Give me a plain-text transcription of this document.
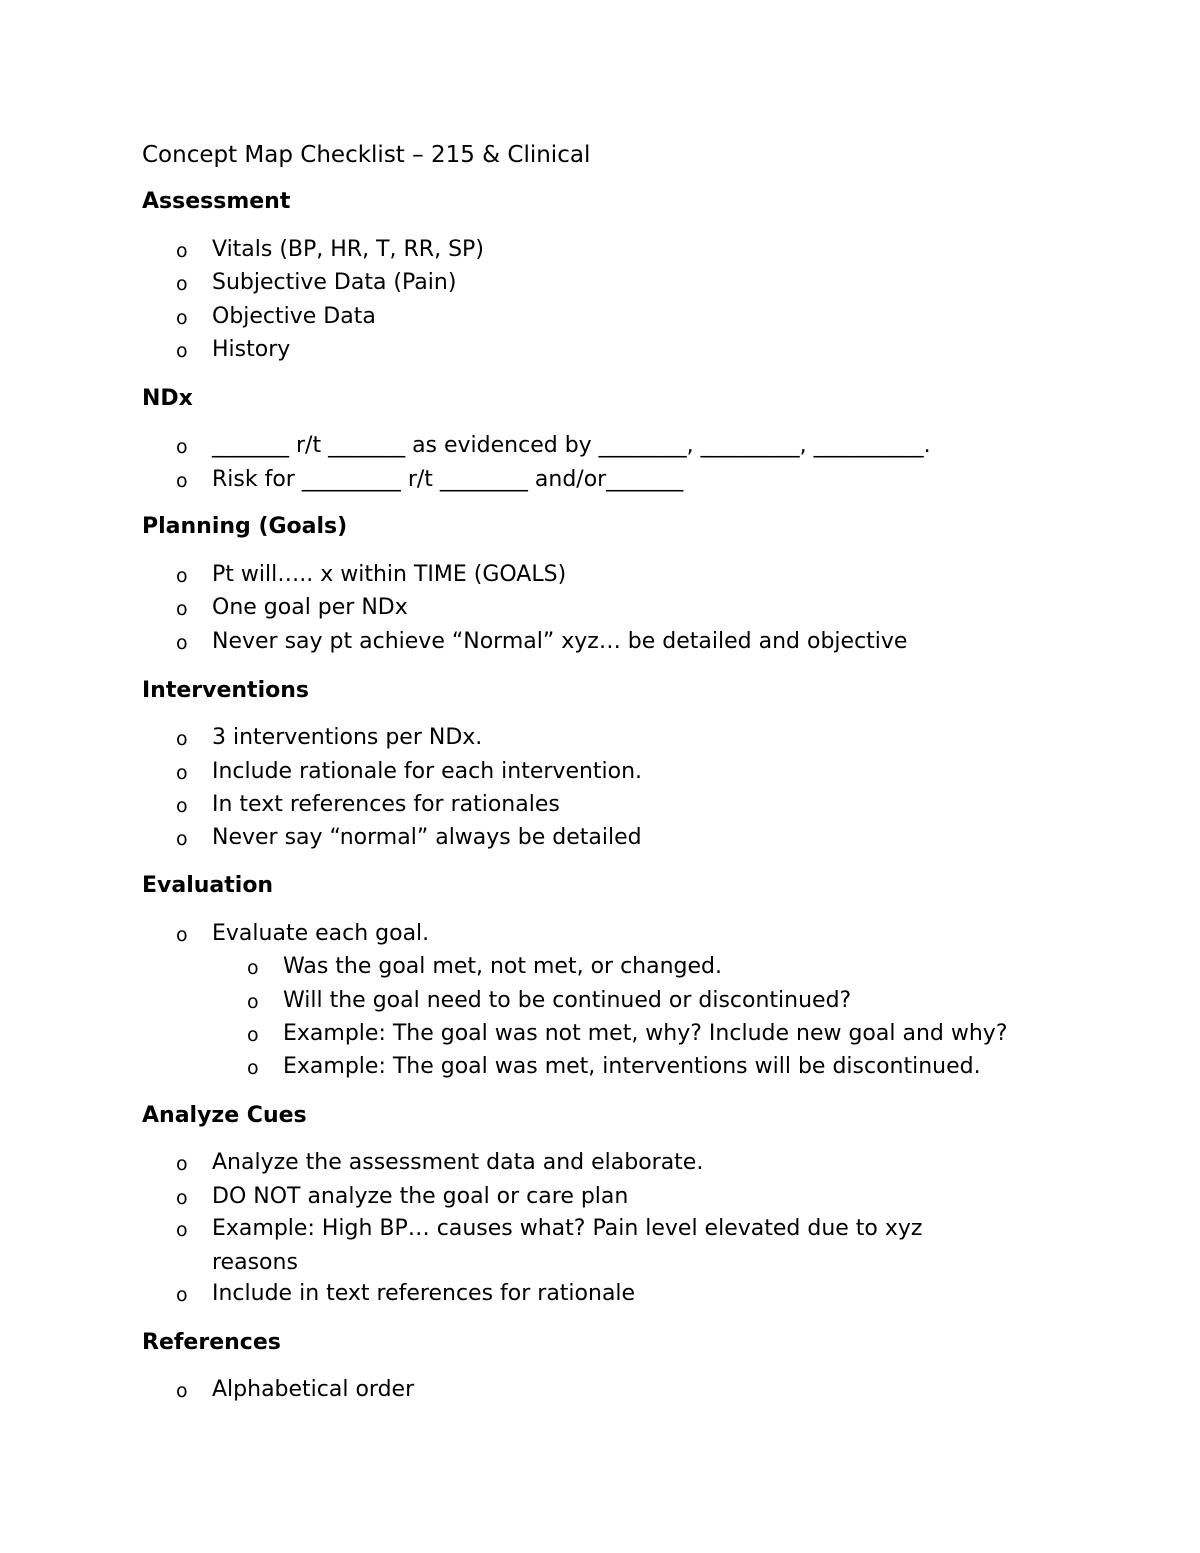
Concept Map Checklist – 215 & Clinical
Assessment
o Vitals (BP, HR, T, RR, SP)
o Subjective Data (Pain)
o Objective Data
o History
NDx
o _______ r/t _______ as evidenced by ________, _________, __________.
o Risk for _________ r/t ________ and/or_______
Planning (Goals)
o Pt will….. x within TIME (GOALS)
o One goal per NDx
o Never say pt achieve “Normal” xyz… be detailed and objective
Interventions
o 3 interventions per NDx.
o Include rationale for each intervention.
o In text references for rationales
o Never say “normal” always be detailed
Evaluation
o Evaluate each goal.
o Was the goal met, not met, or changed.
o Will the goal need to be continued or discontinued?
o Example: The goal was not met, why? Include new goal and why?
o Example: The goal was met, interventions will be discontinued.
Analyze Cues
o Analyze the assessment data and elaborate.
o DO NOT analyze the goal or care plan
o Example: High BP… causes what? Pain level elevated due to xyz
reasons
o Include in text references for rationale
References
o Alphabetical order
